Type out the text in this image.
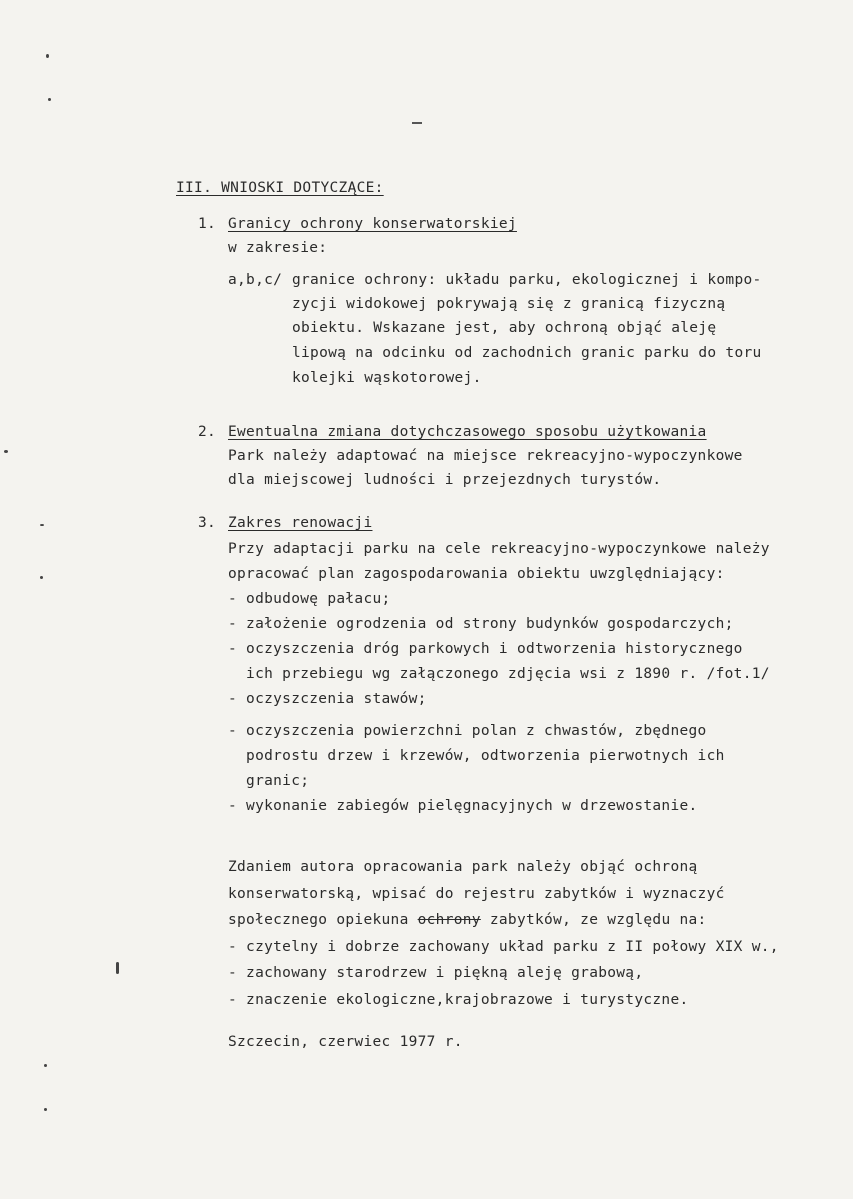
III. WNIOSKI DOTYCZĄCE:
1. Granicy ochrony konserwatorskiej
w zakresie:
a,b,c/ granice ochrony: układu parku, ekologicznej i kompo-
zycji widokowej pokrywają się z granicą fizyczną
obiektu. Wskazane jest, aby ochroną objąć aleję
lipową na odcinku od zachodnich granic parku do toru
kolejki wąskotorowej.
2. Ewentualna zmiana dotychczasowego sposobu użytkowania
Park należy adaptować na miejsce rekreacyjno-wypoczynkowe
dla miejscowej ludności i przejezdnych turystów.
3. Zakres renowacji
Przy adaptacji parku na cele rekreacyjno-wypoczynkowe należy
opracować plan zagospodarowania obiektu uwzględniający:
- odbudowę pałacu;
- założenie ogrodzenia od strony budynków gospodarczych;
- oczyszczenia dróg parkowych i odtworzenia historycznego
ich przebiegu wg załączonego zdjęcia wsi z 1890 r. /fot.1/
- oczyszczenia stawów;
- oczyszczenia powierzchni polan z chwastów, zbędnego
podrostu drzew i krzewów, odtworzenia pierwotnych ich
granic;
- wykonanie zabiegów pielęgnacyjnych w drzewostanie.
Zdaniem autora opracowania park należy objąć ochroną
konserwatorską, wpisać do rejestru zabytków i wyznaczyć
społecznego opiekuna ochrony zabytków, ze względu na:
- czytelny i dobrze zachowany układ parku z II połowy XIX w.,
- zachowany starodrzew i piękną aleję grabową,
- znaczenie ekologiczne,krajobrazowe i turystyczne.
Szczecin, czerwiec 1977 r.
